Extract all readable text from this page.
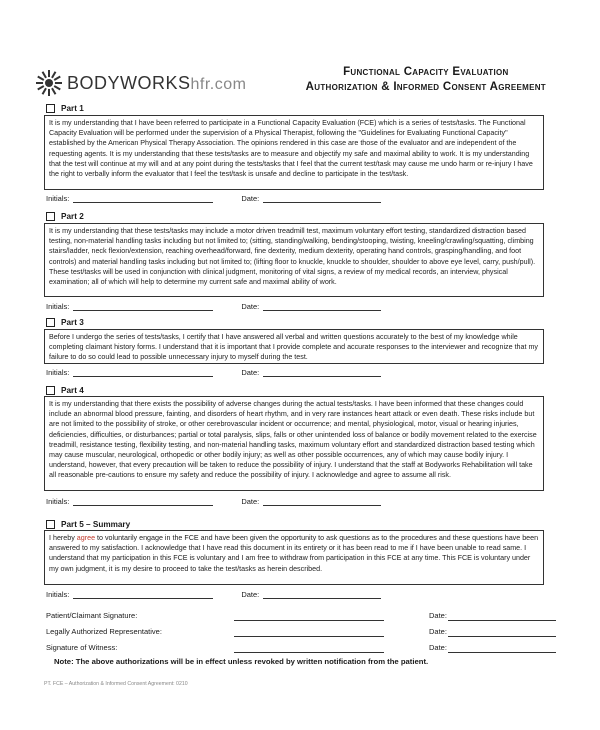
BODYWORKShfr.com
Functional Capacity Evaluation
Authorization & Informed Consent Agreement
Part 1
It is my understanding that I have been referred to participate in a Functional Capacity Evaluation (FCE) which is a series of tests/tasks. The Functional Capacity Evaluation will be performed under the supervision of a Physical Therapist, following the "Guidelines for Evaluating Functional Capacity" established by the American Physical Therapy Association. The opinions rendered in this case are those of the evaluator and are independent of the requesting agents. It is my understanding that these tests/tasks are to measure and objectify my safe and maximal ability to work. It is my understanding that the test will continue at my will and at any point during the tests/tasks that I feel that the current test/task may cause me undo harm or re-injury I have the right to verbally inform the evaluator that I feel the test/task is unsafe and decline to participate in the test/task.
Initials:	Date:
Part 2
It is my understanding that these tests/tasks may include a motor driven treadmill test, maximum voluntary effort testing, standardized distraction based testing, non-material handling tasks including but not limited to; (sitting, standing/walking, bending/stooping, twisting, kneeling/crawling/squatting, climbing stairs/ladder, neck flexion/extension, reaching overhead/forward, fine dexterity, medium dexterity, operating hand controls, grasping/handling, and foot controls) and material handling tasks including but not limited to; (lifting floor to knuckle, knuckle to shoulder, shoulder to above eye level, carry, push/pull). These test/tasks will be used in conjunction with clinical judgment, monitoring of vital signs, a review of my medical records, an interview, physical examination; all of which will help to determine my current safe and maximal ability of work.
Initials:	Date:
Part 3
Before I undergo the series of tests/tasks, I certify that I have answered all verbal and written questions accurately to the best of my knowledge while completing claimant history forms. I understand that it is important that I provide complete and accurate responses to the interviewer and recognize that my failure to do so could lead to possible unnecessary injury to myself during the test.
Initials:	Date:
Part 4
It is my understanding that there exists the possibility of adverse changes during the actual tests/tasks. I have been informed that these changes could include an abnormal blood pressure, fainting, and disorders of heart rhythm, and in very rare instances heart attack or even death. These risks include but are not limited to the possibility of stroke, or other cerebrovascular incident or occurrence; and mental, physiological, motor, visual or hearing injuries, deficiencies, difficulties, or disturbances; partial or total paralysis, slips, falls or other unintended loss of balance or bodily movement related to the exercise treadmill, resistance testing, flexibility testing, and non-material handling tasks, maximum voluntary effort and standardized distraction based testing which may cause muscular, neurological, orthopedic or other bodily injury; as well as other possible occurrences, any of which may cause bodily injury. I understand, however, that every precaution will be taken to reduce the possibility of injury. I understand that the staff at Bodyworks Rehabilitation will take all reasonable pre-cautions to ensure my safety and reduce the possibility of injury. I acknowledge and agree to assume all risk.
Initials:	Date:
Part 5 – Summary
I hereby agree to voluntarily engage in the FCE and have been given the opportunity to ask questions as to the procedures and these questions have been answered to my satisfaction. I acknowledge that I have read this document in its entirety or it has been read to me if I have been unable to read same. I understand that my participation in this FCE is voluntary and I am free to withdraw from participation in this FCE at any time. This FCE is voluntary under my own judgment, it is my desire to proceed to take the test/tasks as herein described.
Initials:	Date:
Patient/Claimant Signature:	Date:
Legally Authorized Representative:	Date:
Signature of Witness:	Date:
Note: The above authorizations will be in effect unless revoked by written notification from the patient.
PT. FCE – Authorization & Informed Consent Agreement: 0210
